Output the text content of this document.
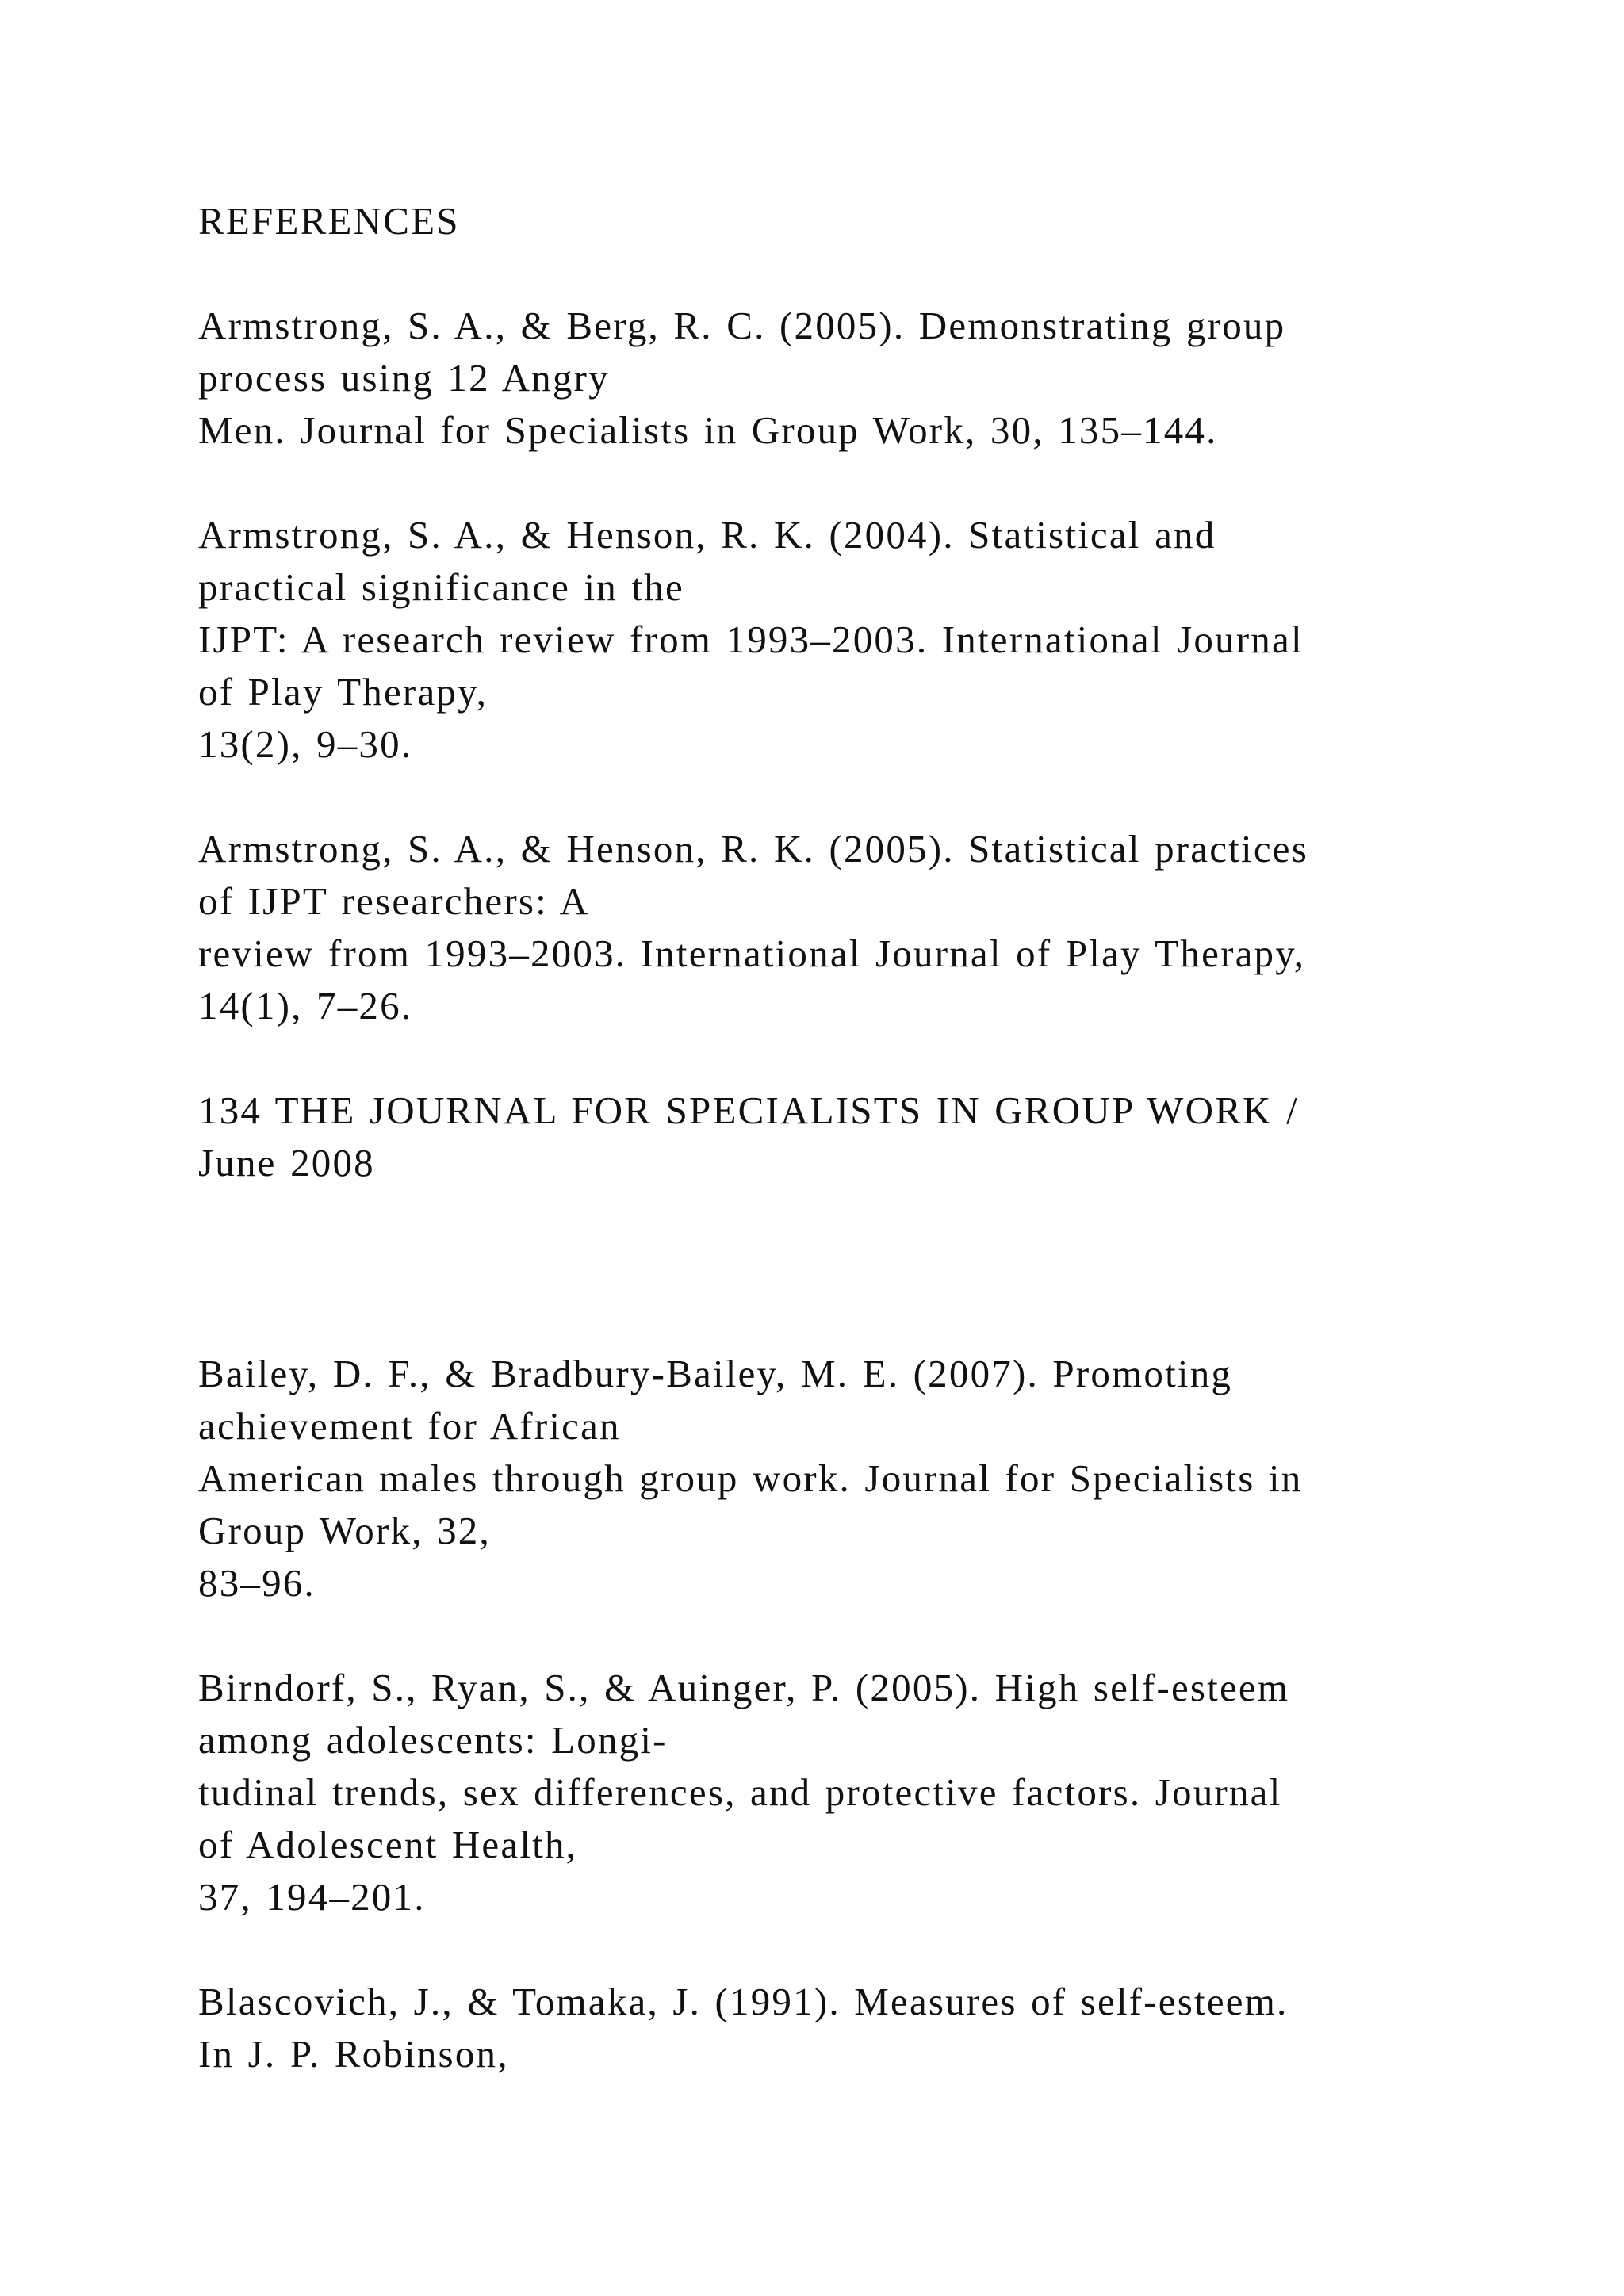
REFERENCES
Armstrong, S. A., & Berg, R. C. (2005). Demonstrating group
process using 12 Angry
Men. Journal for Specialists in Group Work, 30, 135–144.
Armstrong, S. A., & Henson, R. K. (2004). Statistical and
practical significance in the
IJPT: A research review from 1993–2003. International Journal
of Play Therapy,
13(2), 9–30.
Armstrong, S. A., & Henson, R. K. (2005). Statistical practices
of IJPT researchers: A
review from 1993–2003. International Journal of Play Therapy,
14(1), 7–26.
134 THE JOURNAL FOR SPECIALISTS IN GROUP WORK /
June 2008
Bailey, D. F., & Bradbury-Bailey, M. E. (2007). Promoting
achievement for African
American males through group work. Journal for Specialists in
Group Work, 32,
83–96.
Birndorf, S., Ryan, S., & Auinger, P. (2005). High self-esteem
among adolescents: Longi-
tudinal trends, sex differences, and protective factors. Journal
of Adolescent Health,
37, 194–201.
Blascovich, J., & Tomaka, J. (1991). Measures of self-esteem.
In J. P. Robinson,
